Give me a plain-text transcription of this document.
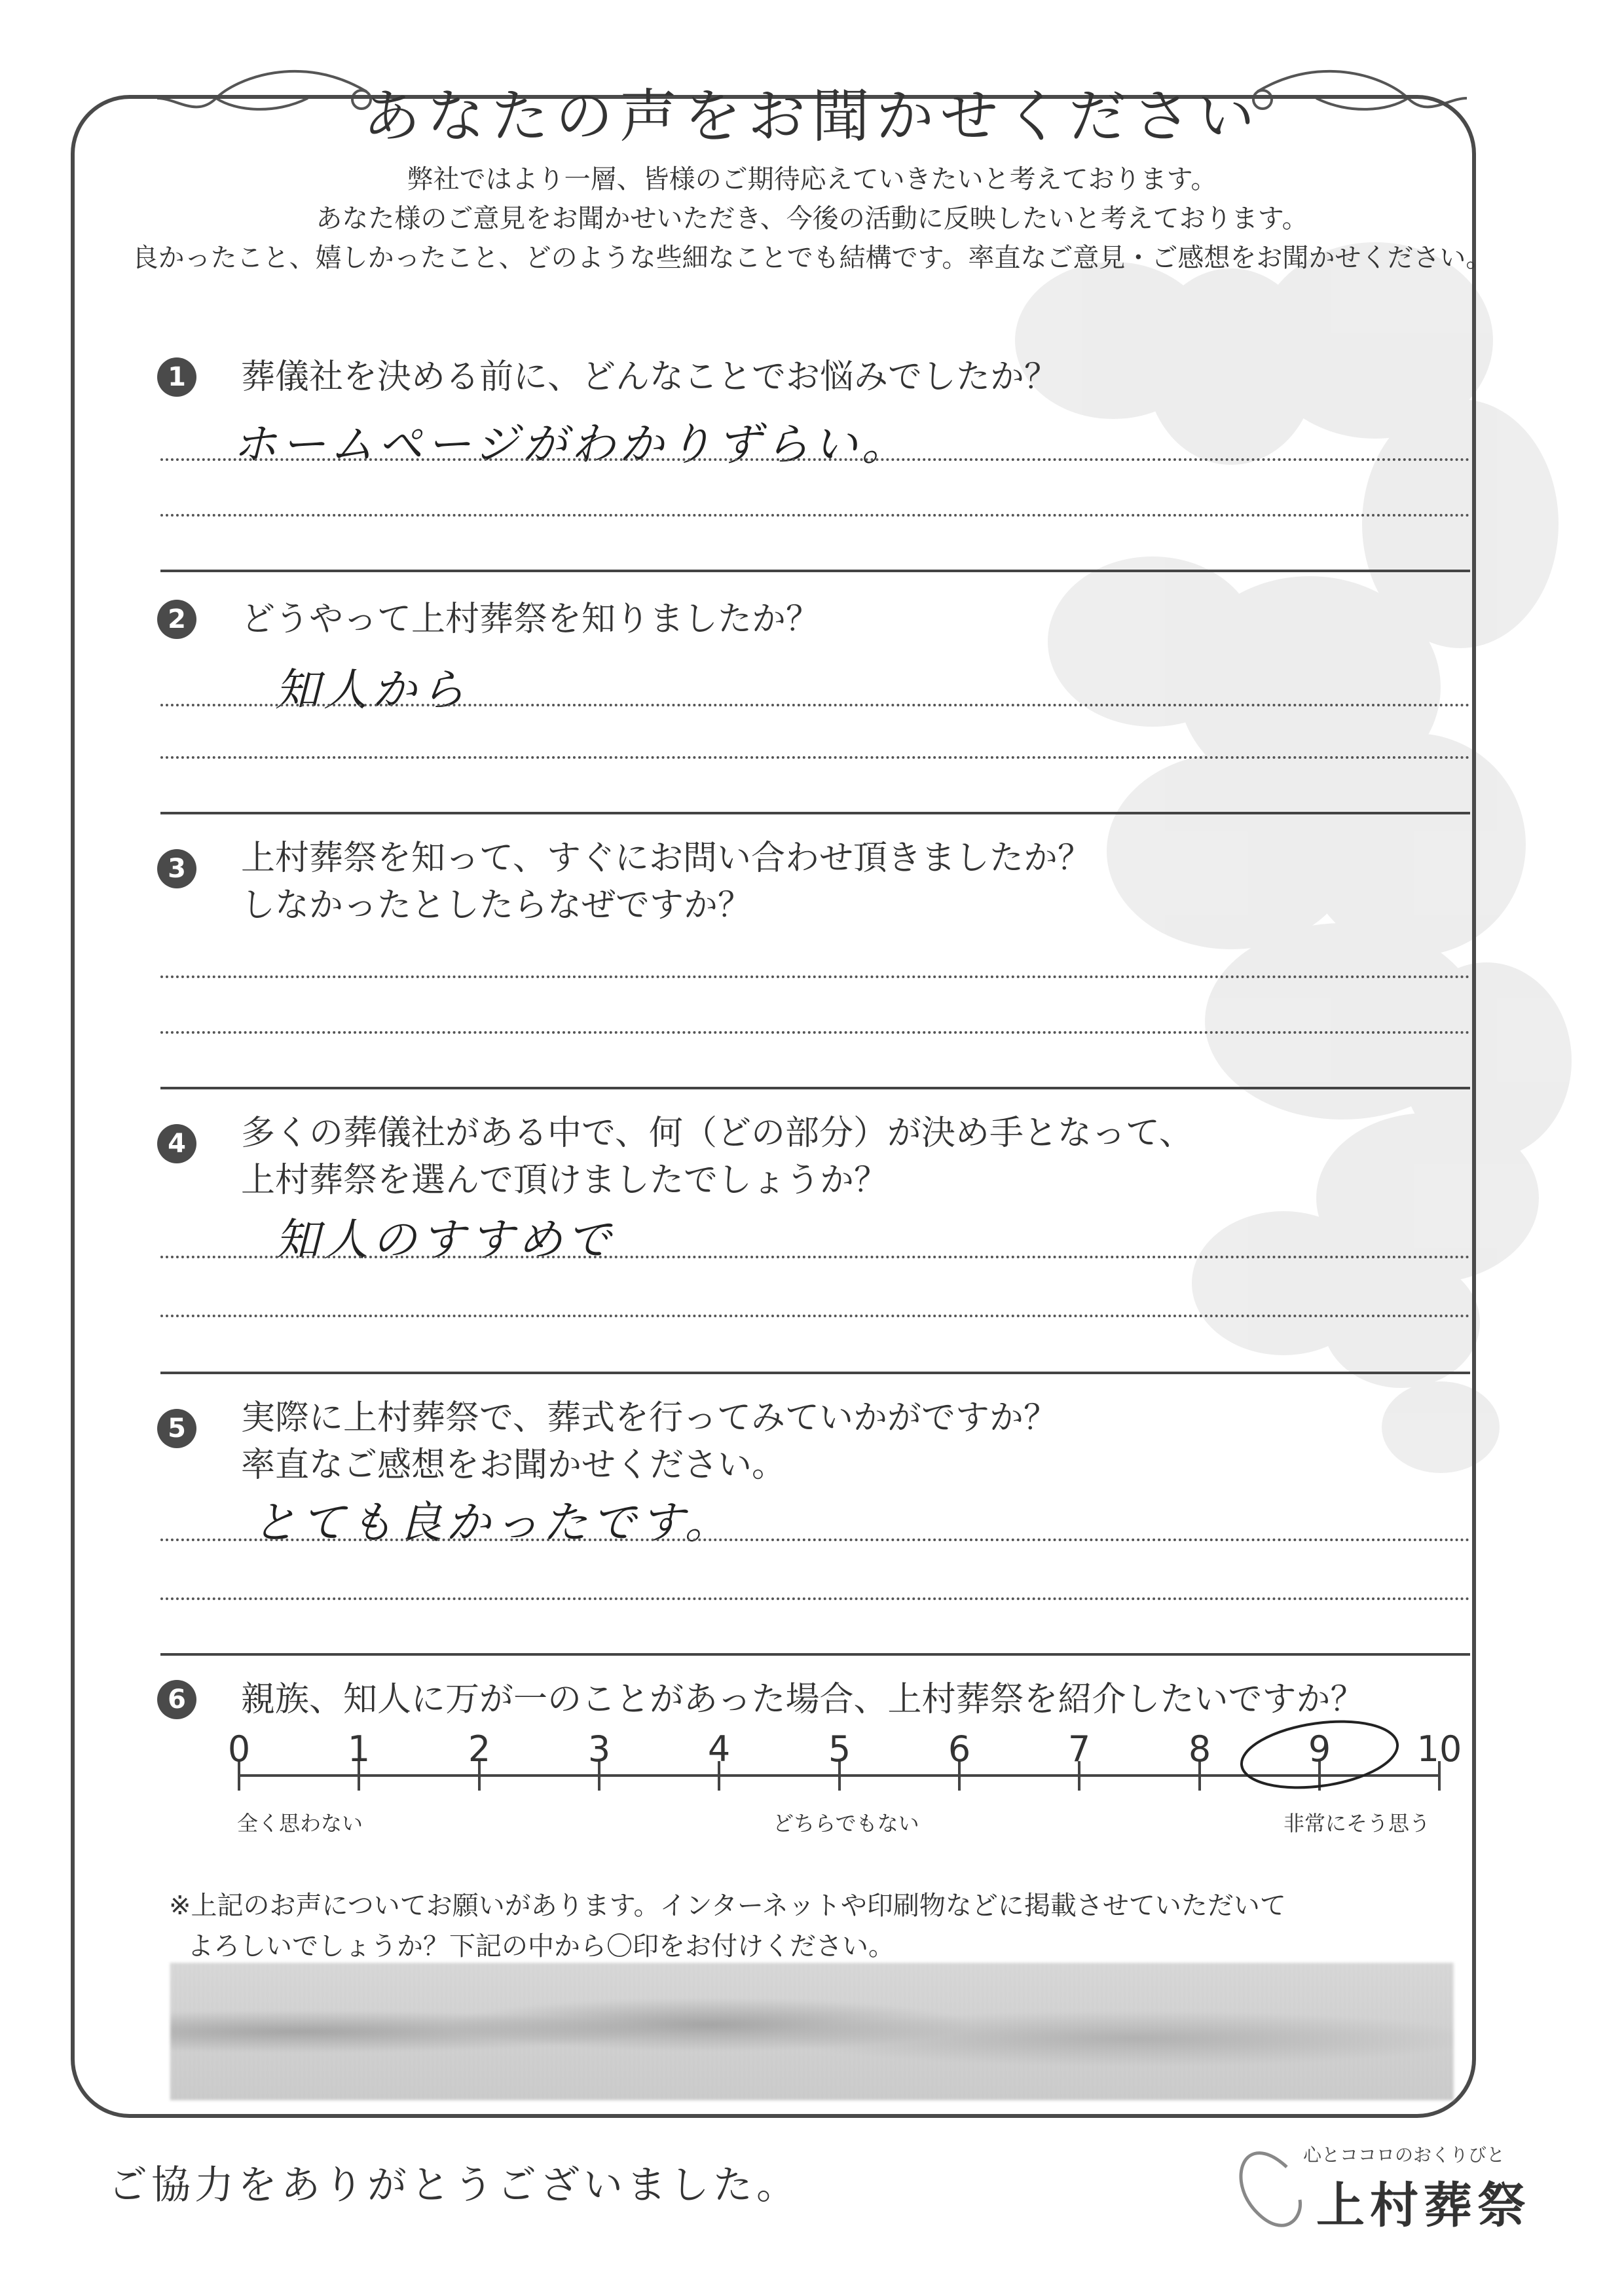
あなたの声をお聞かせください
弊社ではより一層、皆様のご期待応えていきたいと考えております。
あなた様のご意見をお聞かせいただき、今後の活動に反映したいと考えております。
良かったこと、嬉しかったこと、どのような些細なことでも結構です。率直なご意見・ご感想をお聞かせください。
1	葬儀社を決める前に、どんなことでお悩みでしたか？
ホームページがわかりずらい。
2	どうやって上村葬祭を知りましたか？
知人から
3	上村葬祭を知って、すぐにお問い合わせ頂きましたか？
しなかったとしたらなぜですか？
4	多くの葬儀社がある中で、何（どの部分）が決め手となって、
上村葬祭を選んで頂けましたでしょうか？
知人のすすめで
5	実際に上村葬祭で、葬式を行ってみていかがですか？
率直なご感想をお聞かせください。
とても良かったです。
6	親族、知人に万が一のことがあった場合、上村葬祭を紹介したいですか？
0	1	2	3	4	5	6	7	8	9	10
全く思わない	どちらでもない	非常にそう思う
※上記のお声についてお願いがあります。インターネットや印刷物などに掲載させていただいて
よろしいでしょうか？下記の中から〇印をお付けください。
ご協力をありがとうございました。
心とココロのおくりびと
上村葬祭
